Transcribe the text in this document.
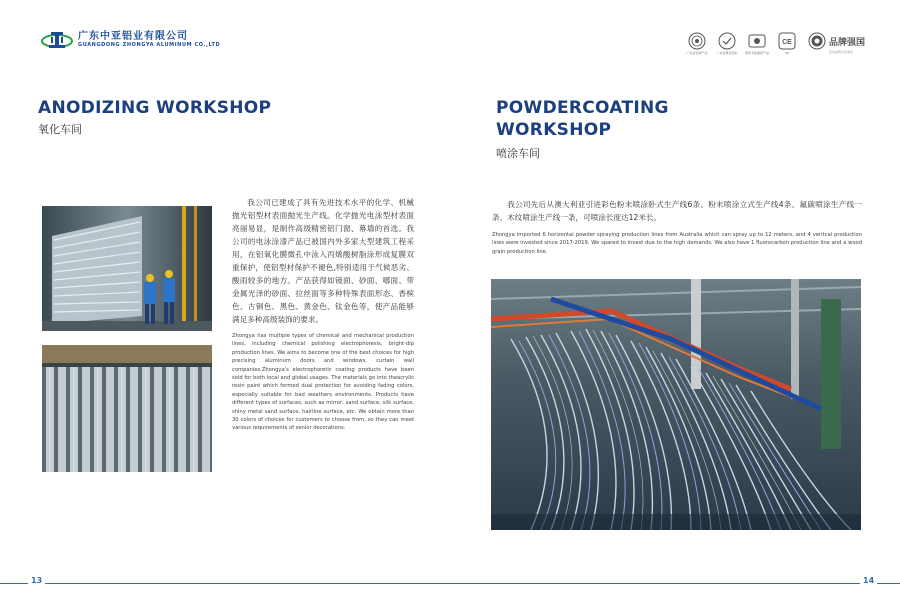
广东中亚铝业有限公司
GUANGDONG ZHONGYA ALUMINUM CO.,LTD
ANODIZING WORKSHOP
氧化车间

我公司已建成了具有先进技术水平的化学、机械抛光铝型材表面抛光生产线。化学抛光电泳型材表面亮丽易显，是制作高级精密铝门窗、幕墙的首选。我公司的电泳涂漆产品已被国内外多家大型建筑工程采用，在铝氧化膜微孔中泳入丙烯酸树脂涂形成复膜双重保护，使铝型材保护不褪色,特别适用于气候恶劣、酸雨较多的地方。产品获得如镜面、砂面、哪面、带金属光泽的砂面、拉丝面等多种特殊表面形态、香槟色、古铜色、黑色、黄金色、钛金色等，使产品能够满足多种高级装饰的要求。

Zhongya has multiple types of chemical and mechanical production lines, including chemical polishing electrophoresis, bright-dip production lines. We aims to become one of the best choices for high precising aluminum doors and windows, curtain wall companies.Zhongya's electrophoretic coating products have been sold for both local and global usages. The materials go into theacrylic resin paint which formed dual protection for avoiding fading colors, especially suitable for bad weathers environments. Products have different types of surfaces, such as mirror, sand surface, silk surface, shiny metal sand surface, hairline surface, etc. We obtain more than 30 colors of choices for customers to choose from, so they can meet various requirements of senior decorations.

13
广东省名牌产品	广东省著名商标	建筑节能推荐产品
CE
CE
品牌强国
民生品牌示范单位
POWDERCOATING
WORKSHOP
喷涂车间

我公司先后从澳大利亚引进彩色粉末喷涂卧式生产线6条、粉末喷涂立式生产线4条、氟碳喷涂生产线一条、木纹喷涂生产线一条，可喷涂长度达12米长。

Zhongya imported 6 horizontal powder spraying production lines from Australia which can spray up to 12 meters, and 4 veritcal production lines were invested since 2017-2019. We spared to invest due to the high demands. We also have 1 fluorocarbon production line and a wood grain production line.

14
